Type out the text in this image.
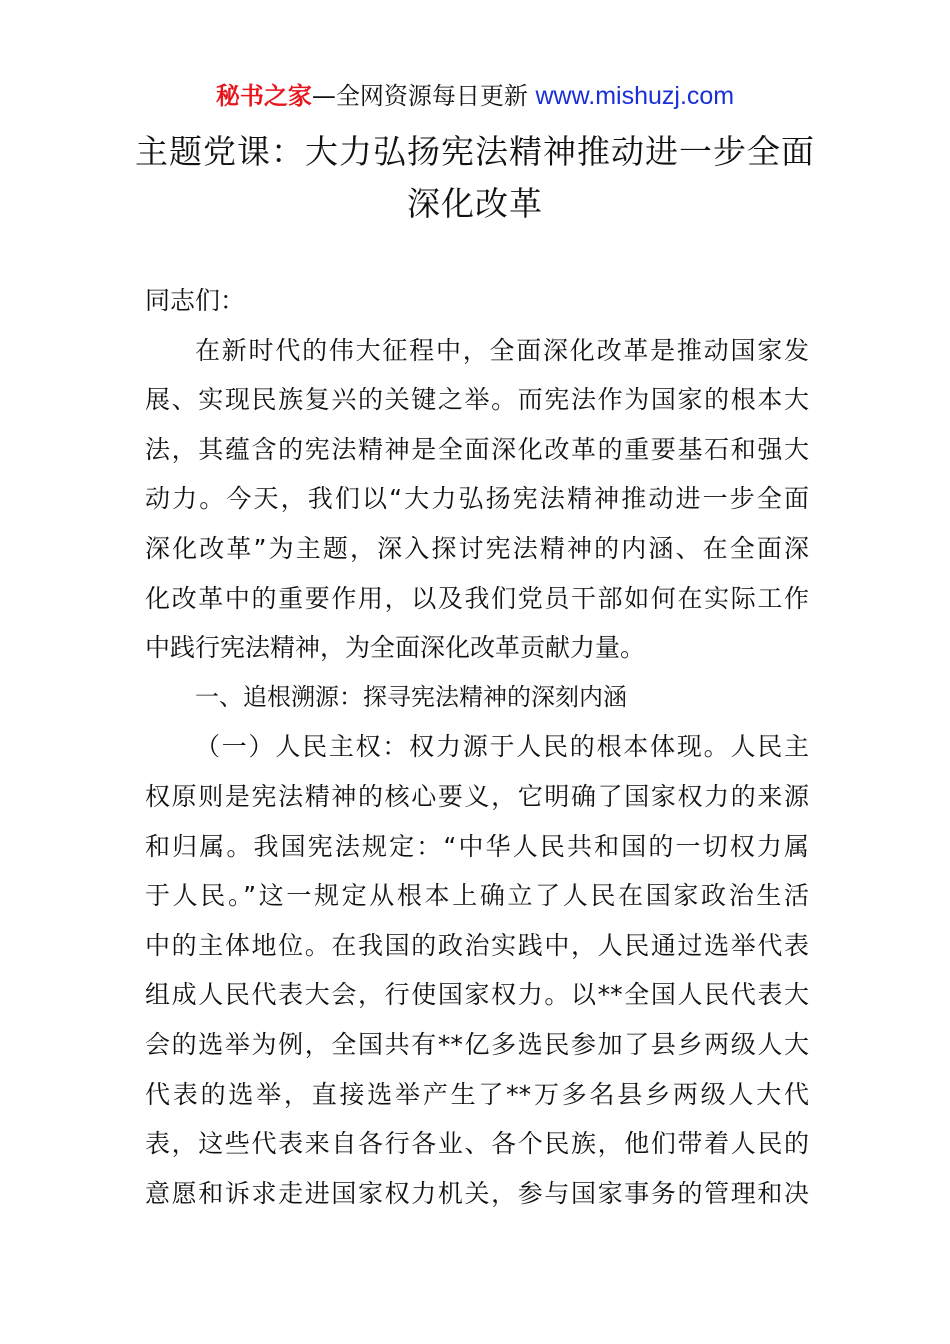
秘书之家—全网资源每日更新 www.mishuzj.com
主题党课：大力弘扬宪法精神推动进一步全面
深化改革
同志们：
在新时代的伟大征程中，全面深化改革是推动国家发
展、实现民族复兴的关键之举。而宪法作为国家的根本大
法，其蕴含的宪法精神是全面深化改革的重要基石和强大
动力。今天，我们以“大力弘扬宪法精神推动进一步全面
深化改革”为主题，深入探讨宪法精神的内涵、在全面深
化改革中的重要作用，以及我们党员干部如何在实际工作
中践行宪法精神，为全面深化改革贡献力量。
一、追根溯源：探寻宪法精神的深刻内涵
（一）人民主权：权力源于人民的根本体现。人民主
权原则是宪法精神的核心要义，它明确了国家权力的来源
和归属。我国宪法规定：“中华人民共和国的一切权力属
于人民。”这一规定从根本上确立了人民在国家政治生活
中的主体地位。在我国的政治实践中，人民通过选举代表
组成人民代表大会，行使国家权力。以**全国人民代表大
会的选举为例，全国共有**亿多选民参加了县乡两级人大
代表的选举，直接选举产生了**万多名县乡两级人大代
表，这些代表来自各行各业、各个民族，他们带着人民的
意愿和诉求走进国家权力机关，参与国家事务的管理和决
